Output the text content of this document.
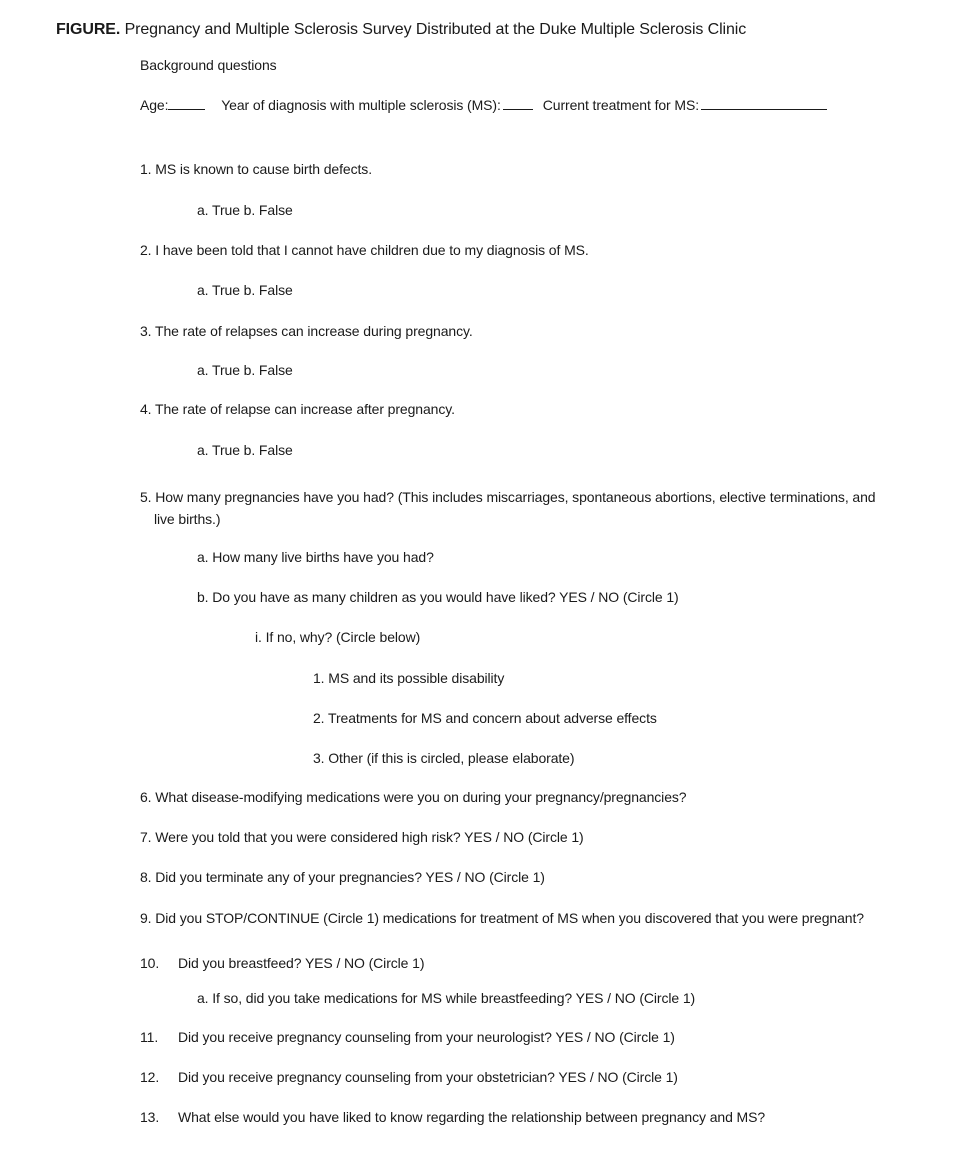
FIGURE. Pregnancy and Multiple Sclerosis Survey Distributed at the Duke Multiple Sclerosis Clinic
Background questions
Age:	Year of diagnosis with multiple sclerosis (MS):	Current treatment for MS:
1. MS is known to cause birth defects.
a. True b. False
2. I have been told that I cannot have children due to my diagnosis of MS.
a. True b. False
3. The rate of relapses can increase during pregnancy.
a. True b. False
4. The rate of relapse can increase after pregnancy.
a. True b. False
5. How many pregnancies have you had? (This includes miscarriages, spontaneous abortions, elective terminations, and
live births.)
a. How many live births have you had?
b. Do you have as many children as you would have liked? YES / NO (Circle 1)
i. If no, why? (Circle below)
1. MS and its possible disability
2. Treatments for MS and concern about adverse effects
3. Other (if this is circled, please elaborate)
6. What disease-modifying medications were you on during your pregnancy/pregnancies?
7. Were you told that you were considered high risk? YES / NO (Circle 1)
8. Did you terminate any of your pregnancies? YES / NO (Circle 1)
9. Did you STOP/CONTINUE (Circle 1) medications for treatment of MS when you discovered that you were pregnant?
10. Did you breastfeed? YES / NO (Circle 1)
a. If so, did you take medications for MS while breastfeeding? YES / NO (Circle 1)
11. Did you receive pregnancy counseling from your neurologist? YES / NO (Circle 1)
12. Did you receive pregnancy counseling from your obstetrician? YES / NO (Circle 1)
13. What else would you have liked to know regarding the relationship between pregnancy and MS?
